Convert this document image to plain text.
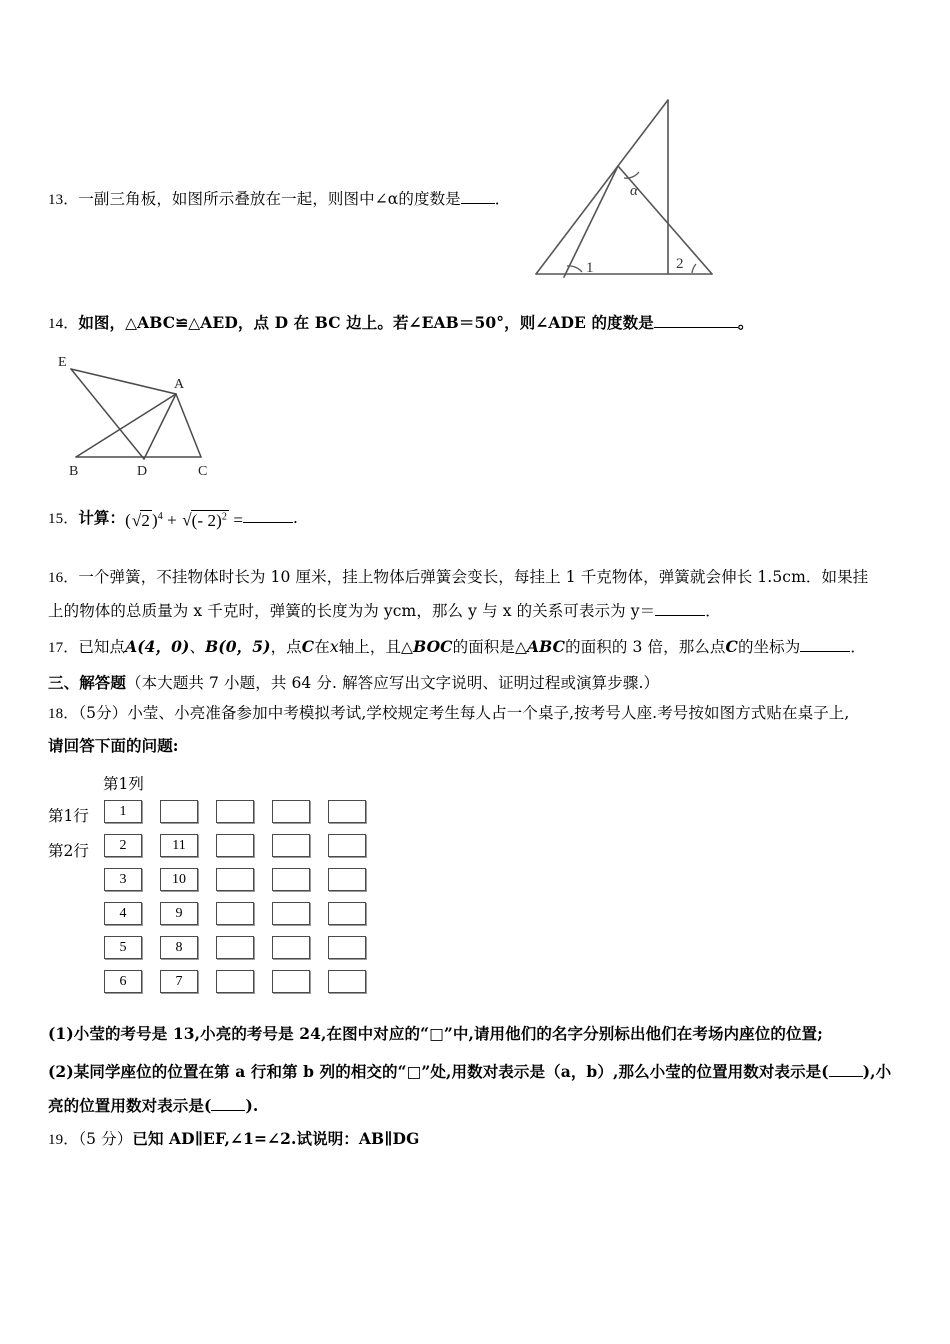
α
1	2
13．一副三角板，如图所示叠放在一起，则图中∠α的度数是 ．
14．如图，△ABC≌△AED，点 D 在 BC 边上。若∠EAB＝50°，则∠ADE 的度数是	。
E
A
B	D	C
15．计算：(√2 )$^4$ + √(- 2)$^2$ =	.
16．一个弹簧，不挂物体时长为 10 厘米，挂上物体后弹簧会变长，每挂上 1 千克物体，弹簧就会伸长 1.5cm．如果挂
上的物体的总质量为 x 千克时，弹簧的长度为为 ycm，那么 y 与 x 的关系可表示为 y＝	．
17．已知点A(4，0)、B(0，5)，点C在x轴上，且△BOC的面积是△ABC的面积的 3 倍，那么点C的坐标为	．
三、解答题（本大题共 7 小题，共 64 分. 解答应写出文字说明、证明过程或演算步骤.）
18．（5分）小莹、小亮准备参加中考模拟考试,学校规定考生每人占一个桌子,按考号人座.考号按如图方式贴在桌子上,
请回答下面的问题:
第1列
第1行
第2行
1
2	11
3	10
4	9
5	8
6	7
(1)小莹的考号是 13,小亮的考号是 24,在图中对应的“□”中,请用他们的名字分别标出他们在考场内座位的位置;
(2)某同学座位的位置在第 a 行和第 b 列的相交的“□”处,用数对表示是（a，b）,那么小莹的位置用数对表示是( ),小
亮的位置用数对表示是( ).
19．（5 分）已知 AD∥EF,∠1=∠2.试说明：AB∥DG
